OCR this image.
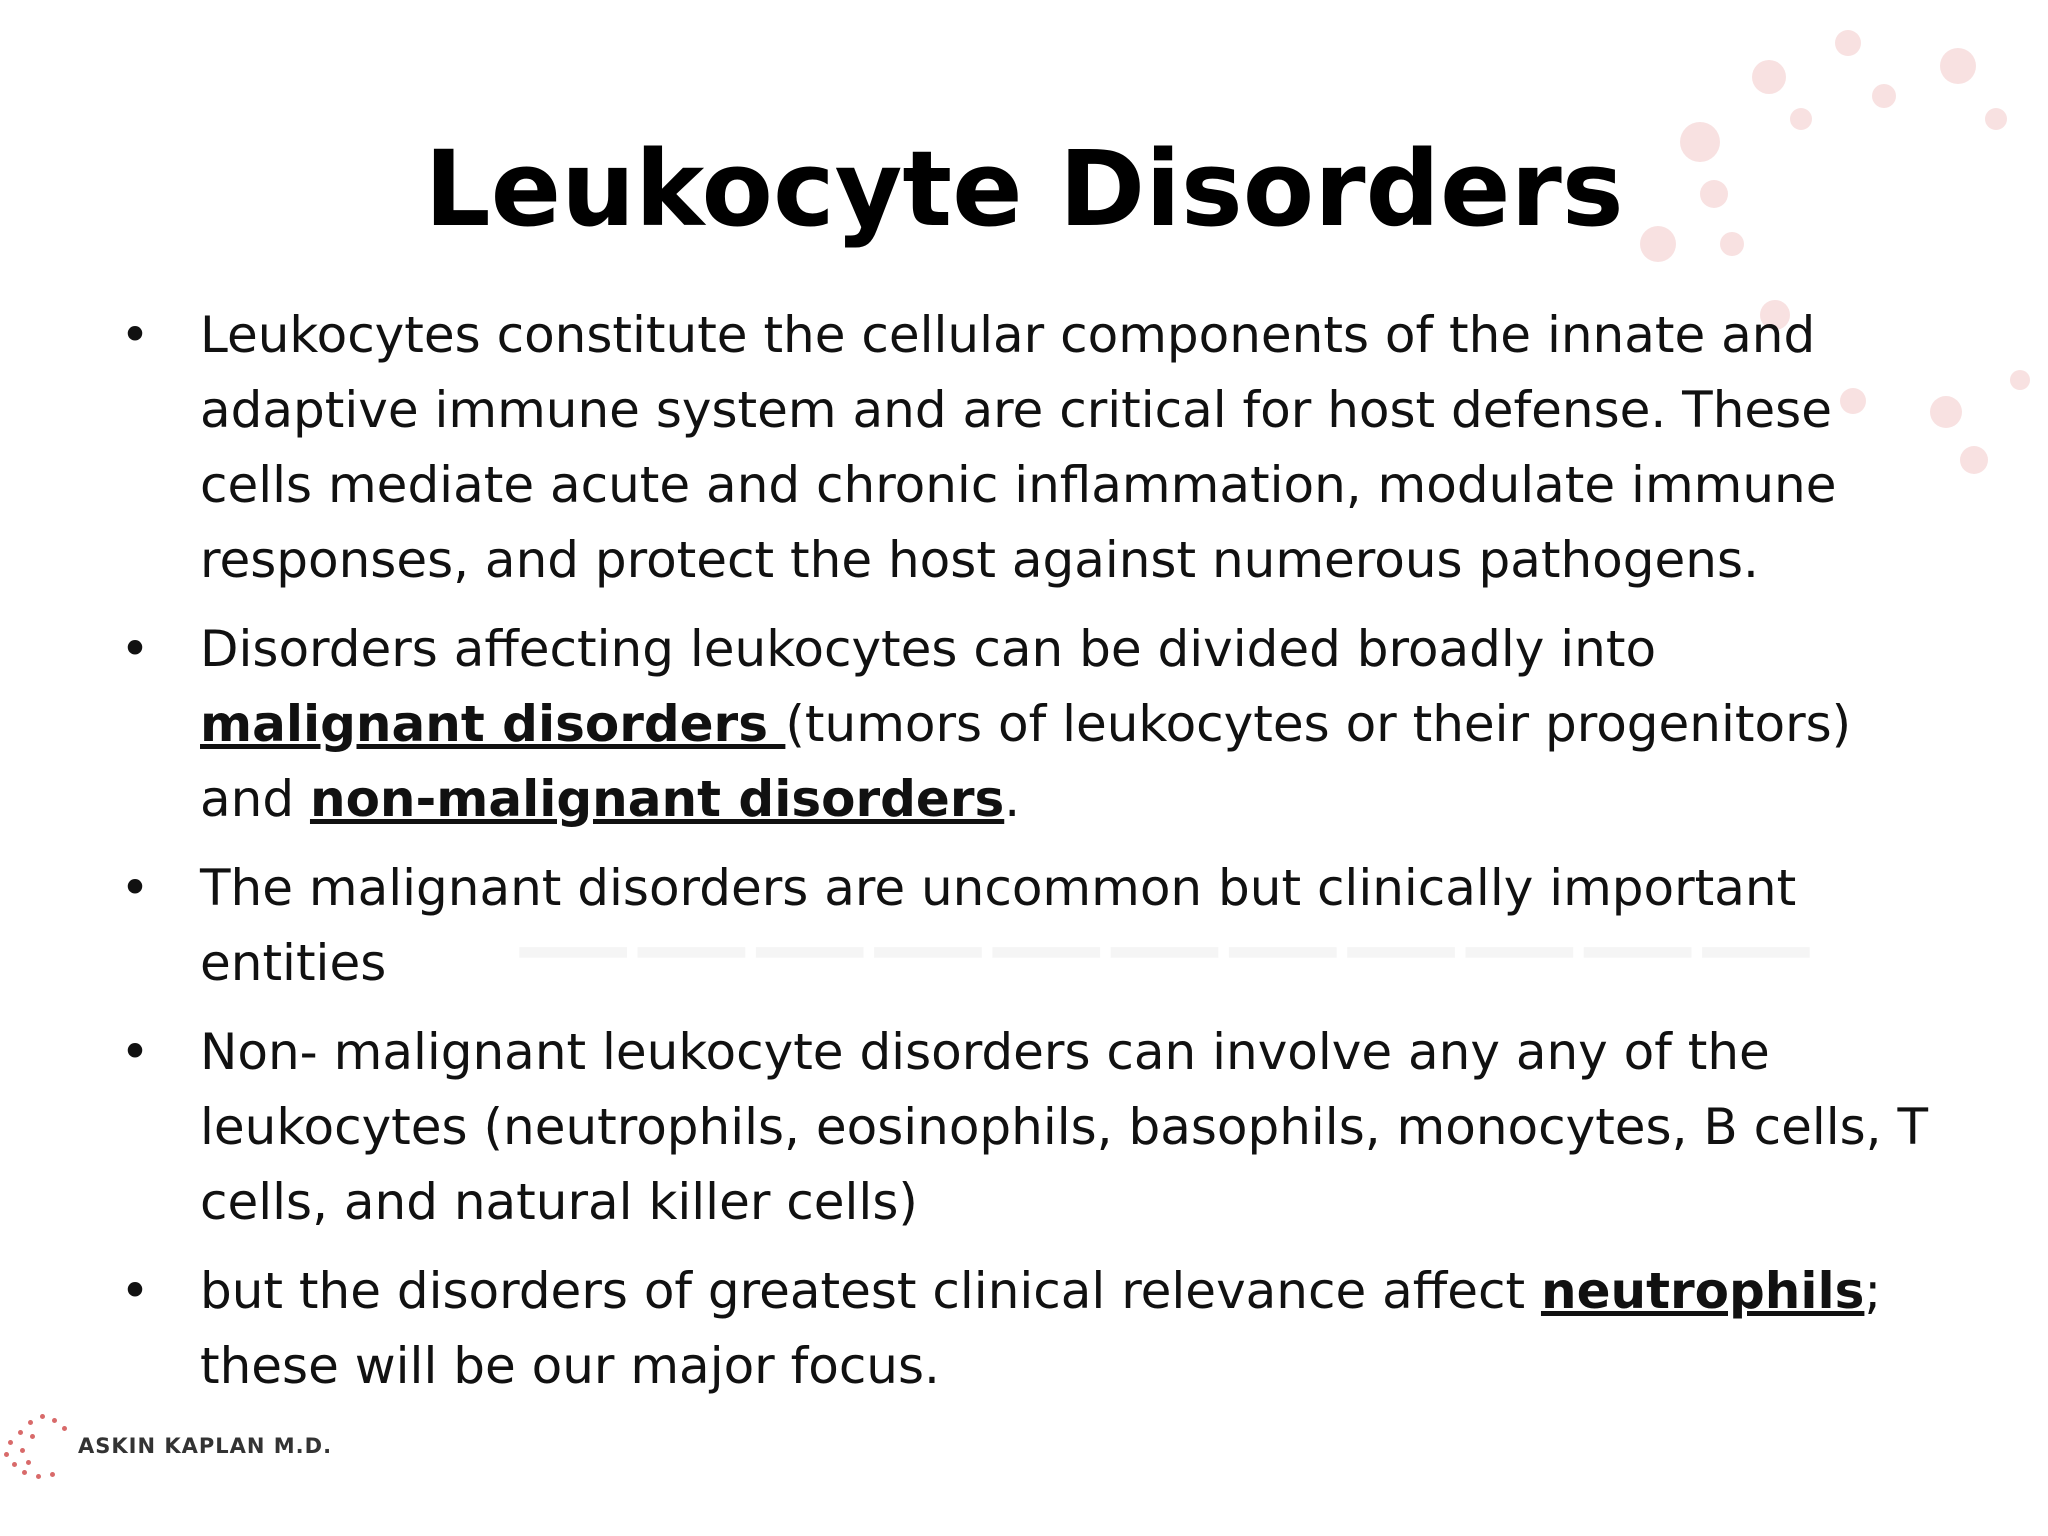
Leukocyte Disorders
• Leukocytes constitute the cellular components of the innate and adaptive immune system and are critical for host defense. These cells mediate acute and chronic inflammation, modulate immune responses, and protect the host against numerous pathogens.
• Disorders affecting leukocytes can be divided broadly into malignant disorders (tumors of leukocytes or their progenitors) and non-malignant disorders.
• The malignant disorders are uncommon but clinically important entities
• Non- malignant leukocyte disorders can involve any any of the leukocytes (neutrophils, eosinophils, basophils, monocytes, B cells, T cells, and natural killer cells)
• but the disorders of greatest clinical relevance affect neutrophils; these will be our major focus.
ASKIN KAPLAN M.D.
